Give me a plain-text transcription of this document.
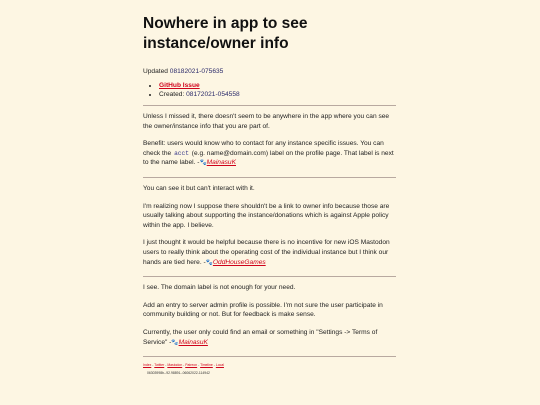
Nowhere in app to see instance/owner info
Updated 08182021-075635
• GitHub Issue
• Created: 08172021-054558

Unless I missed it, there doesn't seem to be anywhere in the app where you can see the owner/instance info that you are part of.

Benefit: users would know who to contact for any instance specific issues. You can check the acct (e.g. name@domain.com) label on the profile page. That label is next to the name label. -🐾MainasuK

You can see it but can't interact with it.

I'm realizing now I suppose there shouldn't be a link to owner info because those are usually talking about supporting the instance/donations which is against Apple policy within the app. I believe.

I just thought it would be helpful because there is no incentive for new iOS Mastodon users to really think about the operating cost of the individual instance but I think our hands are tied here. -🐾OddHouseGames

I see. The domain label is not enough for your need.

Add an entry to server admin profile is possible. I'm not sure the user participate in community building or not. But for feedback is make sense.

Currently, the user only could find an email or something in "Settings -> Terms of Service" -🐾MainasuK

Index - Twitter - Mastodon - Patreon - Timeline - Local
06303998b--92.98891--06062022-114942
